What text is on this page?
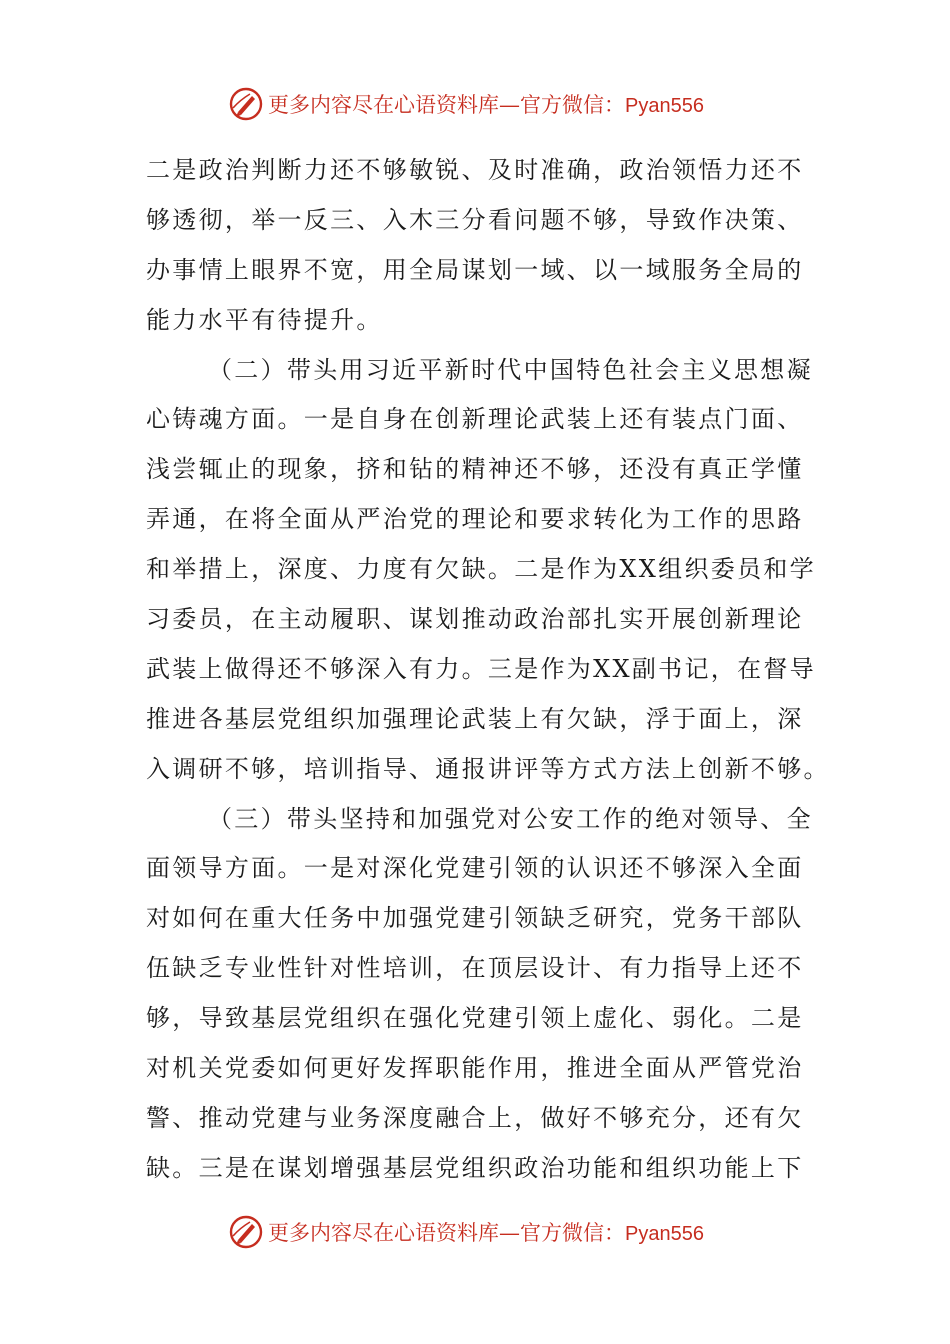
更多内容尽在心语资料库—官方微信：Pyan556
二是政治判断力还不够敏锐、及时准确，政治领悟力还不
够透彻，举一反三、入木三分看问题不够，导致作决策、
办事情上眼界不宽，用全局谋划一域、以一域服务全局的
能力水平有待提升。
（二）带头用习近平新时代中国特色社会主义思想凝
心铸魂方面。一是自身在创新理论武装上还有装点门面、
浅尝辄止的现象，挤和钻的精神还不够，还没有真正学懂
弄通，在将全面从严治党的理论和要求转化为工作的思路
和举措上，深度、力度有欠缺。二是作为XX组织委员和学
习委员，在主动履职、谋划推动政治部扎实开展创新理论
武装上做得还不够深入有力。三是作为XX副书记，在督导
推进各基层党组织加强理论武装上有欠缺，浮于面上，深
入调研不够，培训指导、通报讲评等方式方法上创新不够。
（三）带头坚持和加强党对公安工作的绝对领导、全
面领导方面。一是对深化党建引领的认识还不够深入全面
对如何在重大任务中加强党建引领缺乏研究，党务干部队
伍缺乏专业性针对性培训，在顶层设计、有力指导上还不
够，导致基层党组织在强化党建引领上虚化、弱化。二是
对机关党委如何更好发挥职能作用，推进全面从严管党治
警、推动党建与业务深度融合上，做好不够充分，还有欠
缺。三是在谋划增强基层党组织政治功能和组织功能上下
更多内容尽在心语资料库—官方微信：Pyan556
